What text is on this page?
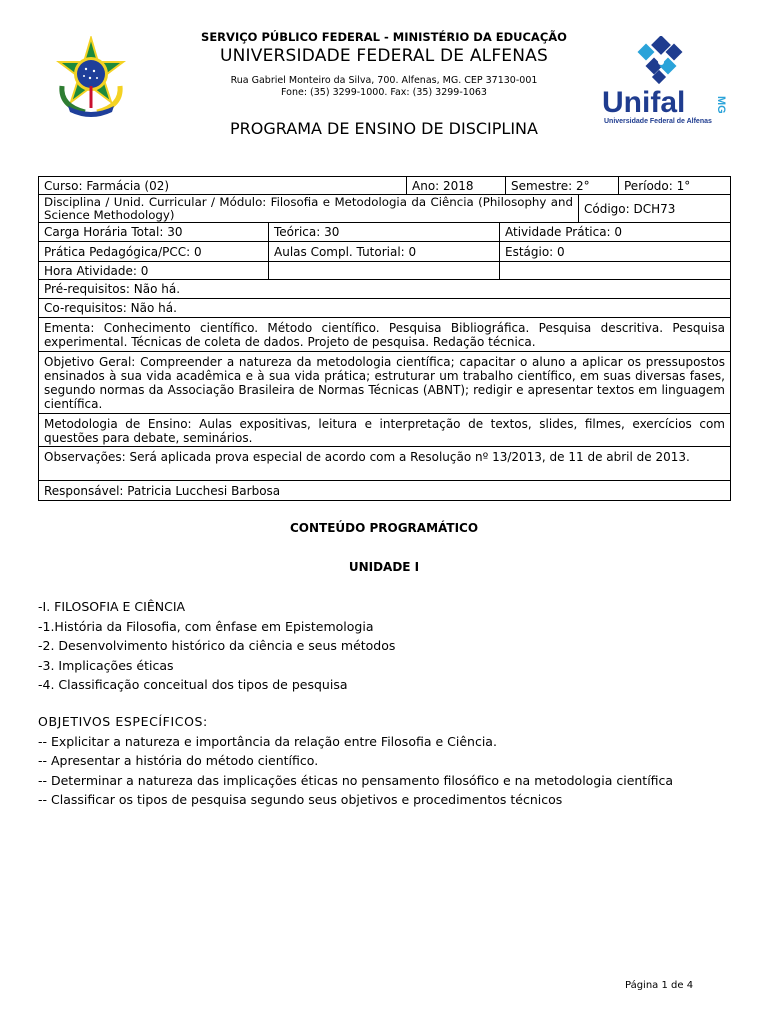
SERVIÇO PÚBLICO FEDERAL - MINISTÉRIO DA EDUCAÇÃO
UNIVERSIDADE FEDERAL DE ALFENAS
Rua Gabriel Monteiro da Silva, 700. Alfenas, MG. CEP 37130-001
Fone: (35) 3299-1000. Fax: (35) 3299-1063
PROGRAMA DE ENSINO DE DISCIPLINA
Unifal	MG
Universidade Federal de Alfenas
Curso: Farmácia (02)	Ano: 2018	Semestre: 2°	Período: 1°
Disciplina / Unid. Curricular / Módulo: Filosofia e Metodologia da Ciência (Philosophy and Science Methodology)	Código: DCH73
Carga Horária Total: 30	Teórica: 30	Atividade Prática: 0
Prática Pedagógica/PCC: 0	Aulas Compl. Tutorial: 0	Estágio: 0
Hora Atividade: 0
Pré-requisitos: Não há.
Co-requisitos: Não há.
Ementa: Conhecimento científico. Método científico. Pesquisa Bibliográfica. Pesquisa descritiva. Pesquisa experimental. Técnicas de coleta de dados. Projeto de pesquisa. Redação técnica.
Objetivo Geral: Compreender a natureza da metodologia científica; capacitar o aluno a aplicar os pressupostos ensinados à sua vida acadêmica e à sua vida prática; estruturar um trabalho científico, em suas diversas fases, segundo normas da Associação Brasileira de Normas Técnicas (ABNT); redigir e apresentar textos em linguagem científica.
Metodologia de Ensino: Aulas expositivas, leitura e interpretação de textos, slides, filmes, exercícios com questões para debate, seminários.
Observações: Será aplicada prova especial de acordo com a Resolução nº 13/2013, de 11 de abril de 2013.
Responsável: Patricia Lucchesi Barbosa
CONTEÚDO PROGRAMÁTICO
UNIDADE I
-I. FILOSOFIA E CIÊNCIA
-1.História da Filosofia, com ênfase em Epistemologia
-2. Desenvolvimento histórico da ciência e seus métodos
-3. Implicações éticas
-4. Classificação conceitual dos tipos de pesquisa
OBJETIVOS ESPECÍFICOS:
-- Explicitar a natureza e importância da relação entre Filosofia e Ciência.
-- Apresentar a história do método científico.
-- Determinar a natureza das implicações éticas no pensamento filosófico e na metodologia científica
-- Classificar os tipos de pesquisa segundo seus objetivos e procedimentos técnicos
Página 1 de 4
